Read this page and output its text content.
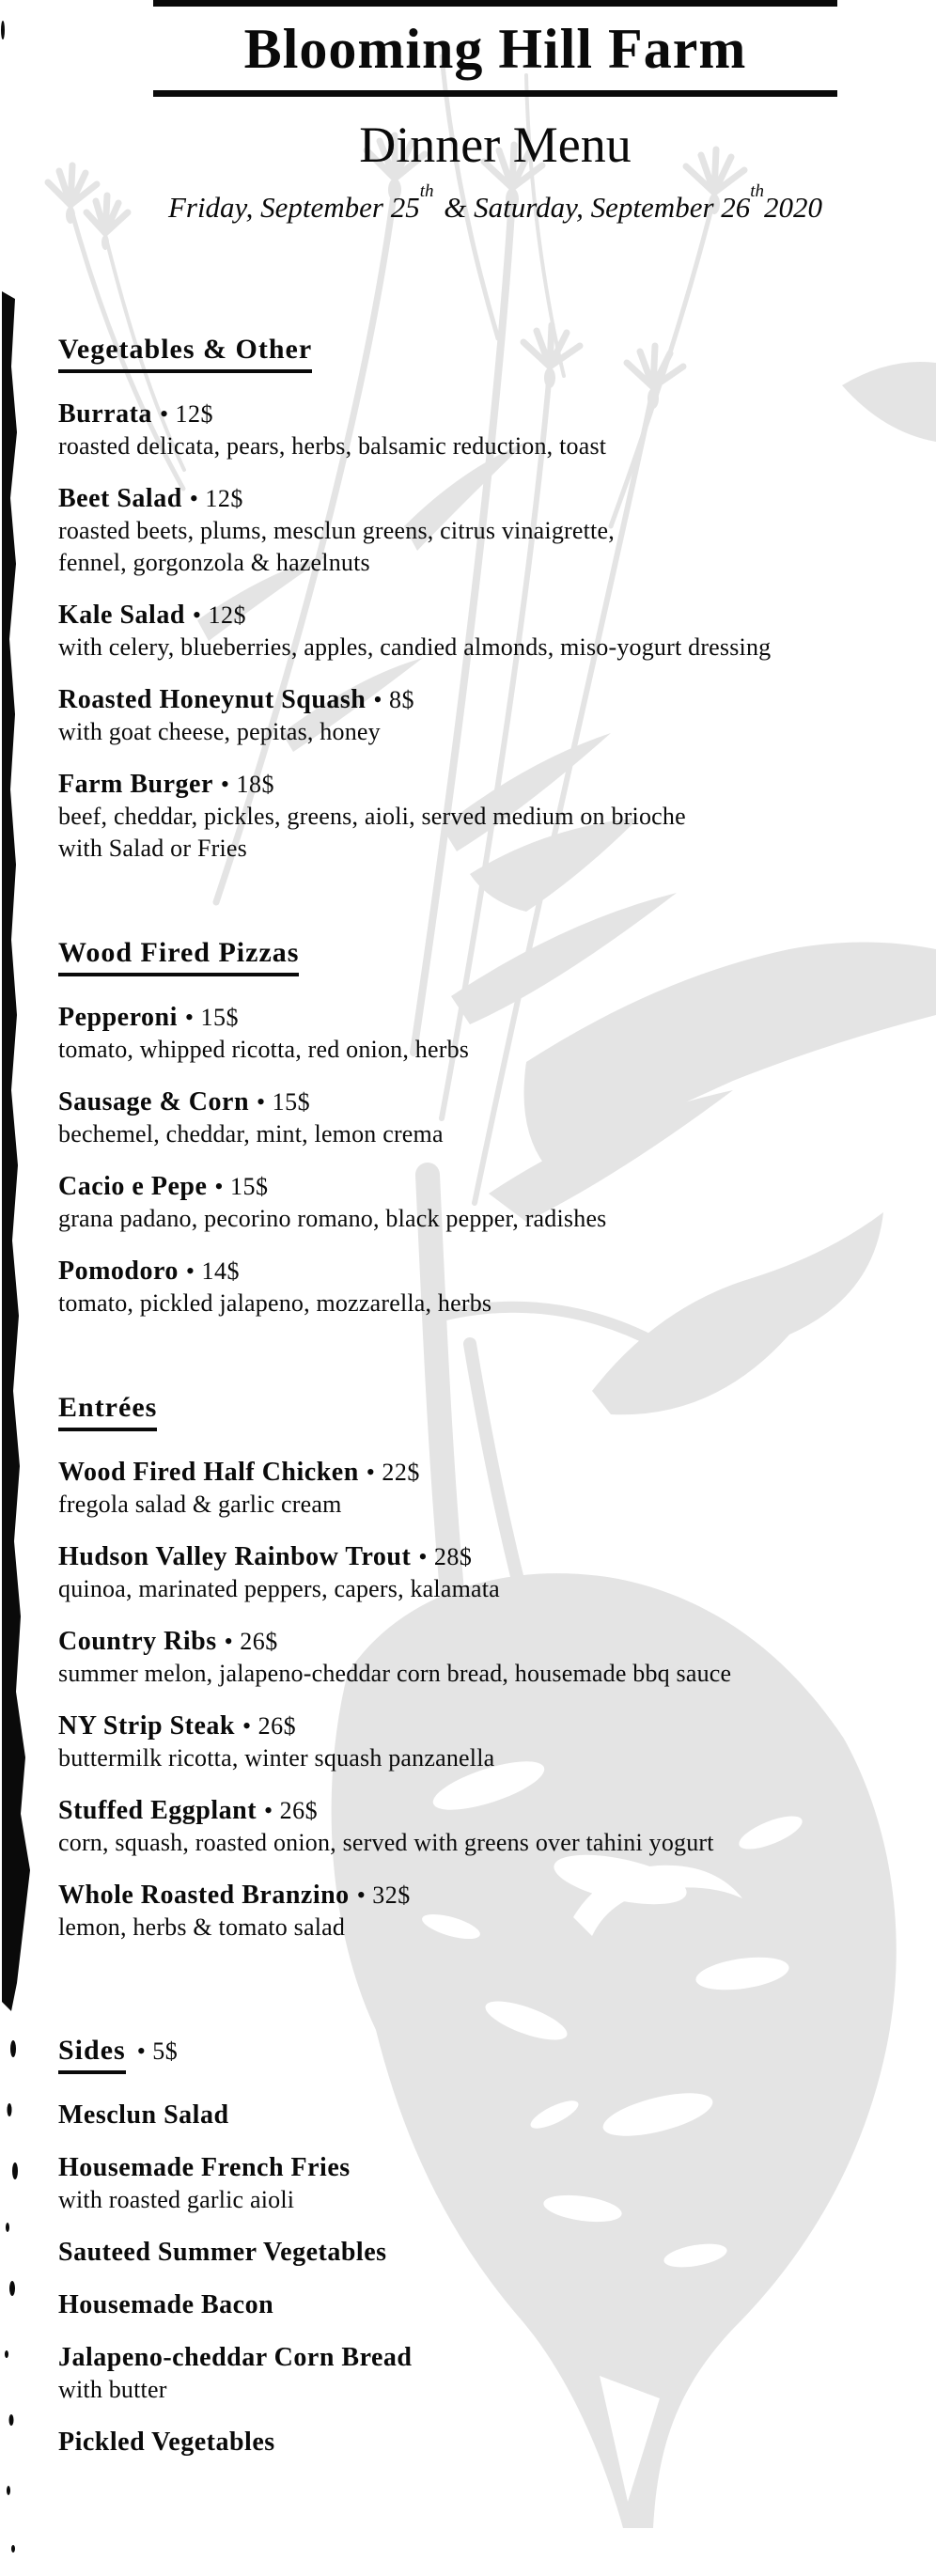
Blooming Hill Farm
Dinner Menu
Friday, September 25th & Saturday, September 26th2020
Vegetables & Other
Burrata • 12$
roasted delicata, pears, herbs, balsamic reduction, toast
Beet Salad • 12$
roasted beets, plums, mesclun greens, citrus vinaigrette,
fennel, gorgonzola & hazelnuts
Kale Salad • 12$
with celery, blueberries, apples, candied almonds, miso-yogurt dressing
Roasted Honeynut Squash • 8$
with goat cheese, pepitas, honey
Farm Burger • 18$
beef, cheddar, pickles, greens, aioli, served medium on brioche
with Salad or Fries
Wood Fired Pizzas
Pepperoni • 15$
tomato, whipped ricotta, red onion, herbs
Sausage & Corn • 15$
bechemel, cheddar, mint, lemon crema
Cacio e Pepe • 15$
grana padano, pecorino romano, black pepper, radishes
Pomodoro • 14$
tomato, pickled jalapeno, mozzarella, herbs
Entrées
Wood Fired Half Chicken • 22$
fregola salad & garlic cream
Hudson Valley Rainbow Trout • 28$
quinoa, marinated peppers, capers, kalamata
Country Ribs • 26$
summer melon, jalapeno-cheddar corn bread, housemade bbq sauce
NY Strip Steak • 26$
buttermilk ricotta, winter squash panzanella
Stuffed Eggplant • 26$
corn, squash, roasted onion, served with greens over tahini yogurt
Whole Roasted Branzino • 32$
lemon, herbs & tomato salad
Sides • 5$
Mesclun Salad
Housemade French Fries
with roasted garlic aioli
Sauteed Summer Vegetables
Housemade Bacon
Jalapeno-cheddar Corn Bread
with butter
Pickled Vegetables
